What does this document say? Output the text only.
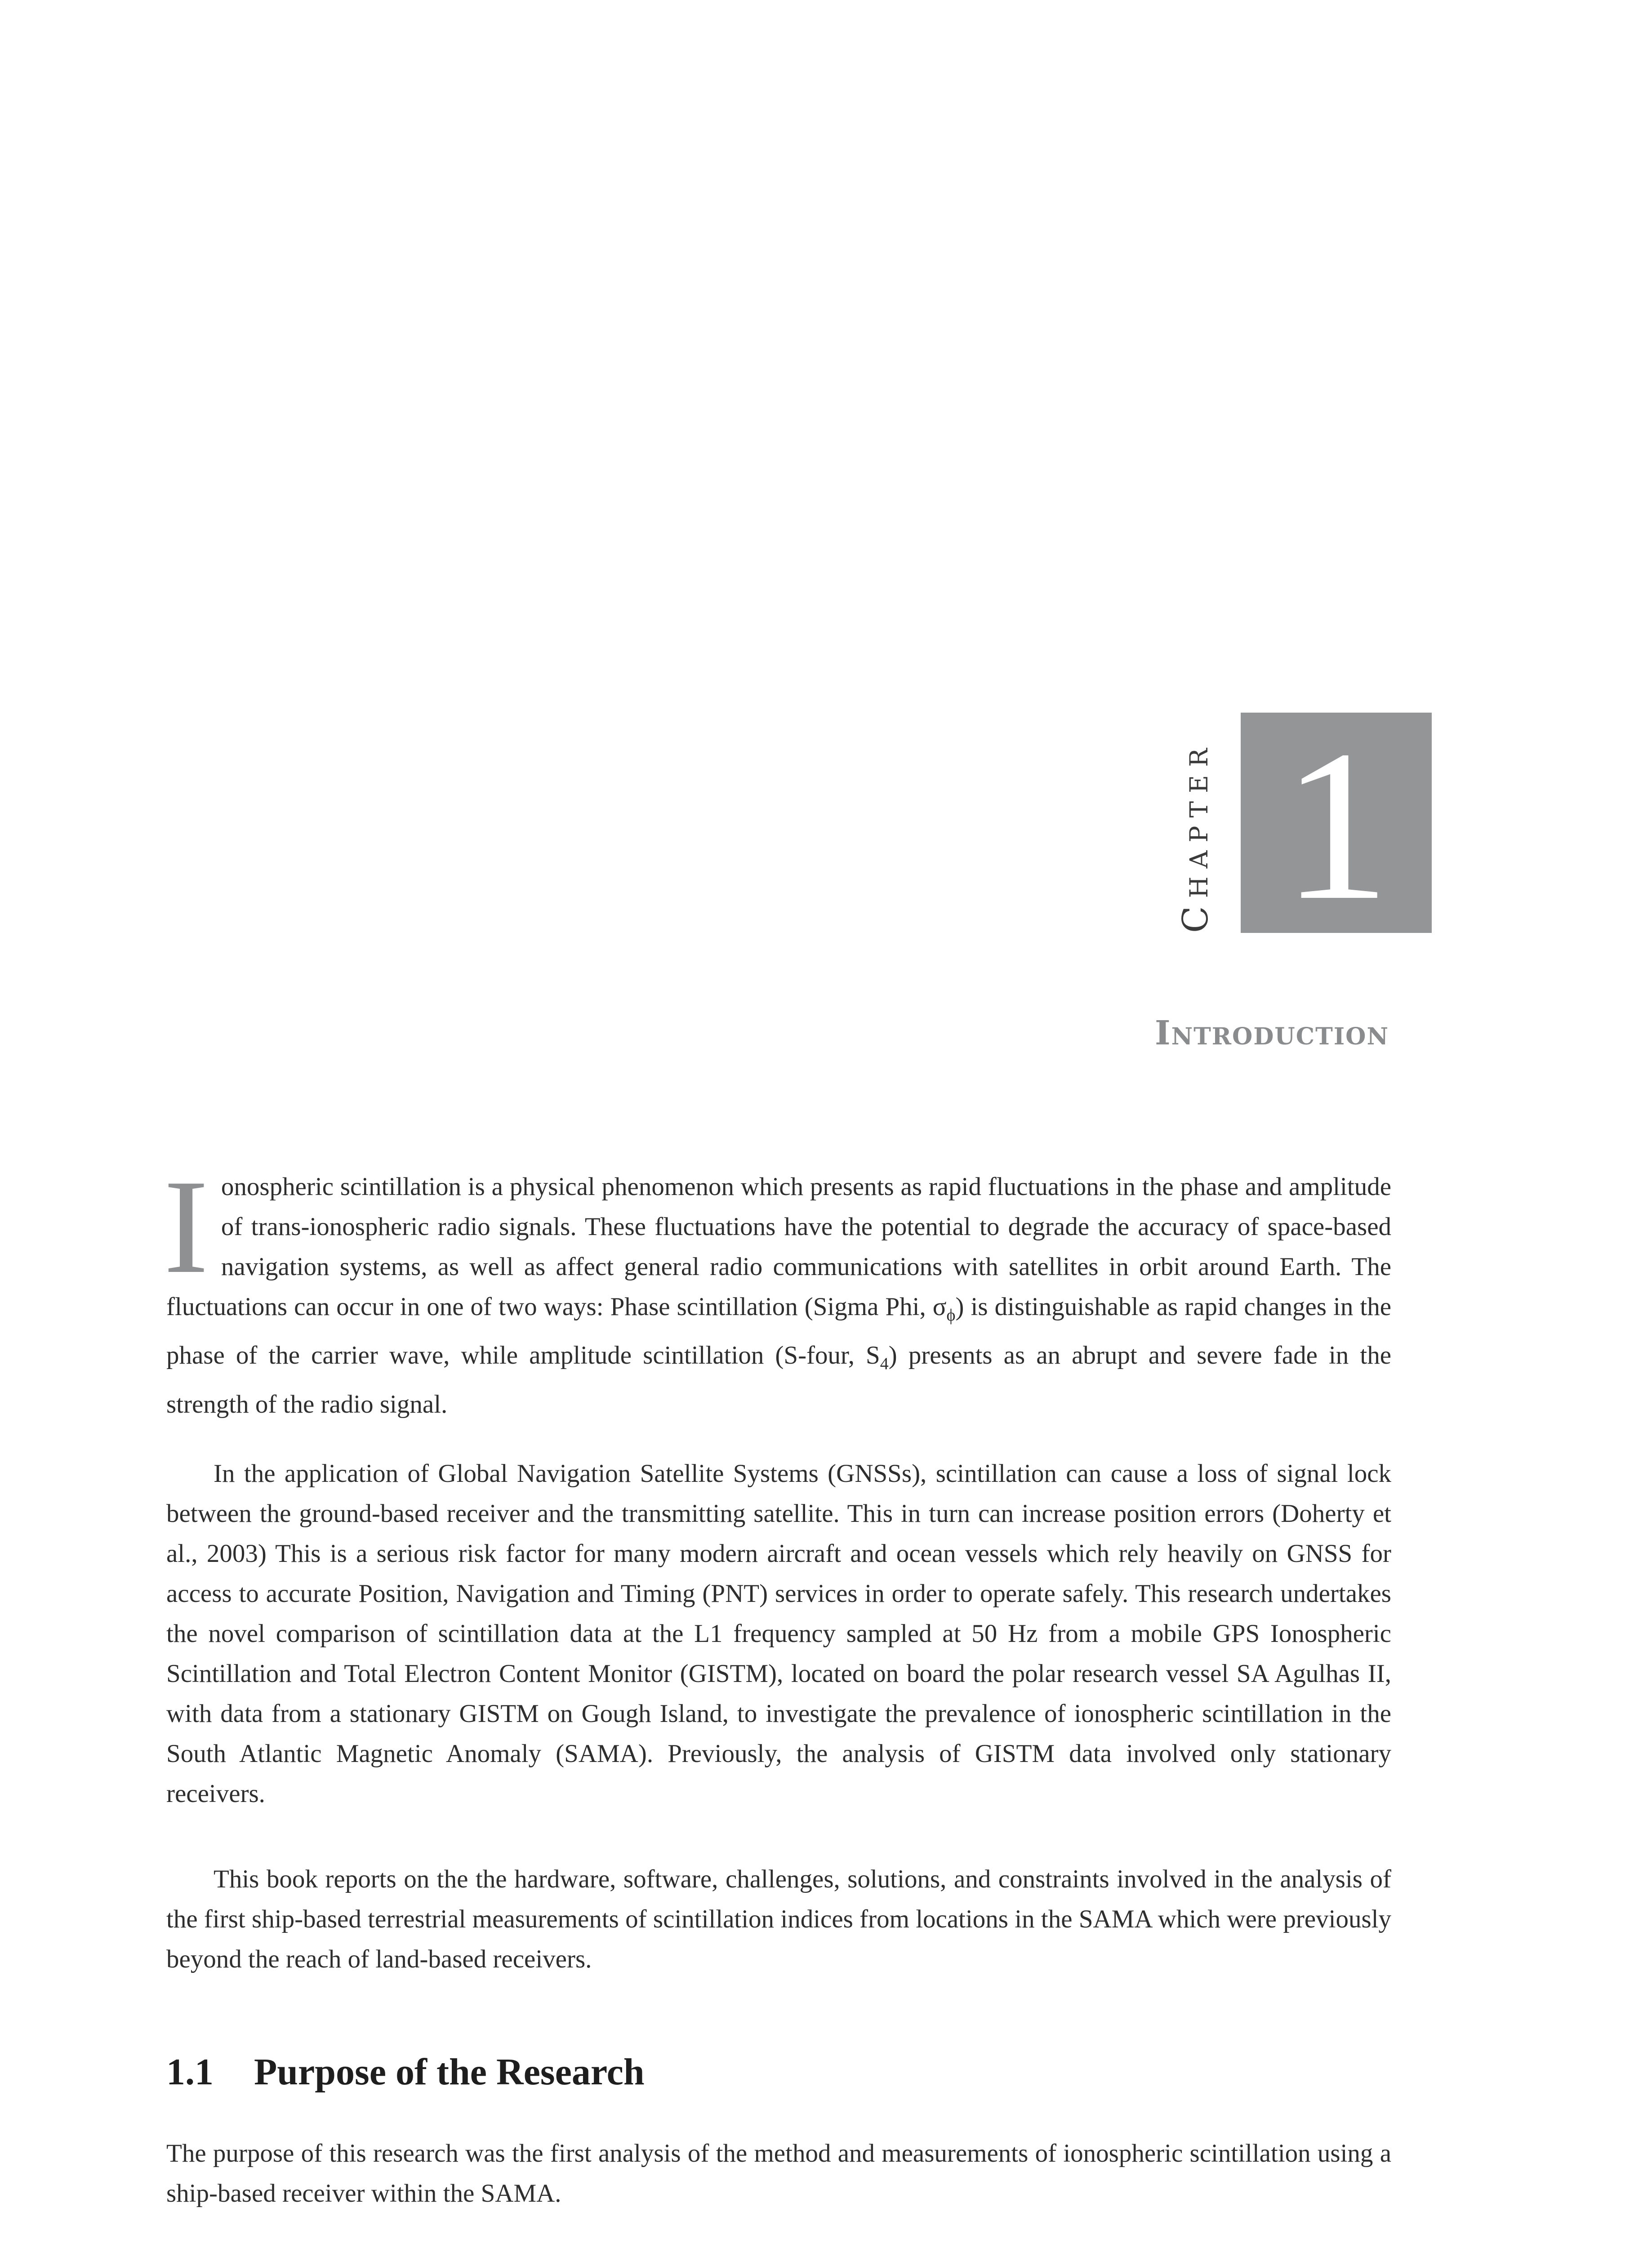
Chapter 1
Introduction
Ionospheric scintillation is a physical phenomenon which presents as rapid fluctuations in the phase and amplitude of trans-ionospheric radio signals. These fluctuations have the potential to degrade the accuracy of space-based navigation systems, as well as affect general radio communications with satellites in orbit around Earth. The fluctuations can occur in one of two ways: Phase scintillation (Sigma Phi, $\sigma_\phi$) is distinguishable as rapid changes in the phase of the carrier wave, while amplitude scintillation (S-four, $S_4$) presents as an abrupt and severe fade in the strength of the radio signal.
In the application of Global Navigation Satellite Systems (GNSSs), scintillation can cause a loss of signal lock between the ground-based receiver and the transmitting satellite. This in turn can increase position errors (Doherty et al., 2003) This is a serious risk factor for many modern aircraft and ocean vessels which rely heavily on GNSS for access to accurate Position, Navigation and Timing (PNT) services in order to operate safely. This research undertakes the novel comparison of scintillation data at the L1 frequency sampled at 50 Hz from a mobile GPS Ionospheric Scintillation and Total Electron Content Monitor (GISTM), located on board the polar research vessel SA Agulhas II, with data from a stationary GISTM on Gough Island, to investigate the prevalence of ionospheric scintillation in the South Atlantic Magnetic Anomaly (SAMA). Previously, the analysis of GISTM data involved only stationary receivers.
This book reports on the the hardware, software, challenges, solutions, and constraints involved in the analysis of the first ship-based terrestrial measurements of scintillation indices from locations in the SAMA which were previously beyond the reach of land-based receivers.
1.1 Purpose of the Research
The purpose of this research was the first analysis of the method and measurements of ionospheric scintillation using a ship-based receiver within the SAMA.
